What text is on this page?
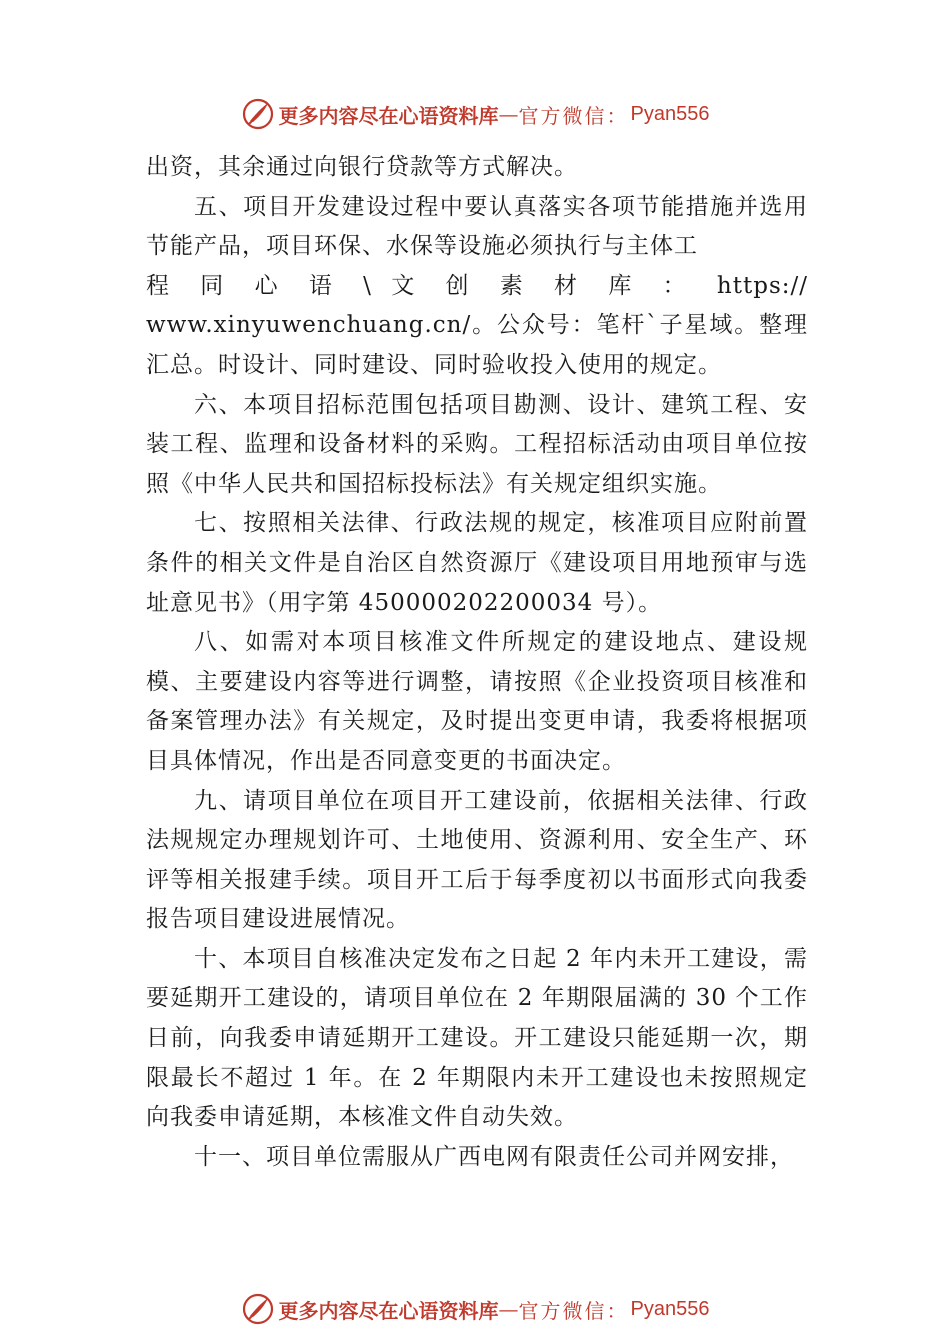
更多内容尽在心语资料库 — 官方微信： Pyan556

出资，其余通过向银行贷款等方式解决。

五、项目开发建设过程中要认真落实各项节能措施并选用节能产品，项目环保、水保等设施必须执行与主体工

程 同 心 语 \ 文 创 素 材 库 ： https://
www.xinyuwenchuang.cn/。公众号：笔杆`子星域。整理汇总。时设计、同时建设、同时验收投入使用的规定。

六、本项目招标范围包括项目勘测、设计、建筑工程、安装工程、监理和设备材料的采购。工程招标活动由项目单位按照《中华人民共和国招标投标法》有关规定组织实施。

七、按照相关法律、行政法规的规定，核准项目应附前置条件的相关文件是自治区自然资源厅《建设项目用地预审与选址意见书》（用字第 450000202200034 号）。

八、如需对本项目核准文件所规定的建设地点、建设规模、主要建设内容等进行调整，请按照《企业投资项目核准和备案管理办法》有关规定，及时提出变更申请，我委将根据项目具体情况，作出是否同意变更的书面决定。

九、请项目单位在项目开工建设前，依据相关法律、行政法规规定办理规划许可、土地使用、资源利用、安全生产、环评等相关报建手续。项目开工后于每季度初以书面形式向我委报告项目建设进展情况。

十、本项目自核准决定发布之日起 2 年内未开工建设，需要延期开工建设的，请项目单位在 2 年期限届满的 30 个工作日前，向我委申请延期开工建设。开工建设只能延期一次，期限最长不超过 1 年。在 2 年期限内未开工建设也未按照规定向我委申请延期，本核准文件自动失效。

十一、项目单位需服从广西电网有限责任公司并网安排，

更多内容尽在心语资料库 — 官方微信： Pyan556
